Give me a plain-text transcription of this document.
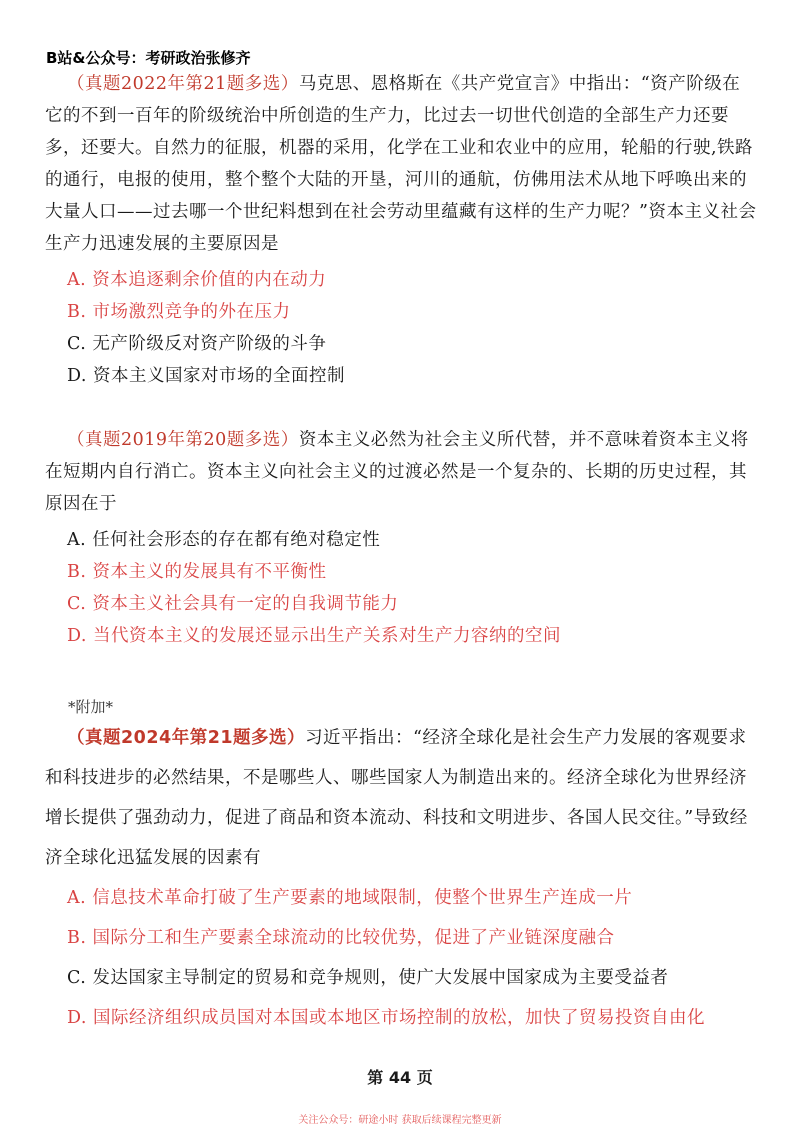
B站&公众号：考研政治张修齐

（真题2022年第21题多选）马克思、恩格斯在《共产党宣言》中指出：“资产阶级在它的不到一百年的阶级统治中所创造的生产力，比过去一切世代创造的全部生产力还要多，还要大。自然力的征服，机器的采用，化学在工业和农业中的应用，轮船的行驶,铁路的通行，电报的使用，整个整个大陆的开垦，河川的通航，仿佛用法术从地下呼唤出来的大量人口——过去哪一个世纪料想到在社会劳动里蕴藏有这样的生产力呢？”资本主义社会生产力迅速发展的主要原因是

A. 资本追逐剩余价值的内在动力

B. 市场激烈竞争的外在压力

C. 无产阶级反对资产阶级的斗争

D. 资本主义国家对市场的全面控制

（真题2019年第20题多选）资本主义必然为社会主义所代替，并不意味着资本主义将在短期内自行消亡。资本主义向社会主义的过渡必然是一个复杂的、长期的历史过程，其原因在于

A. 任何社会形态的存在都有绝对稳定性

B. 资本主义的发展具有不平衡性

C. 资本主义社会具有一定的自我调节能力

D. 当代资本主义的发展还显示出生产关系对生产力容纳的空间

*附加*

（真题2024年第21题多选）习近平指出：“经济全球化是社会生产力发展的客观要求和科技进步的必然结果，不是哪些人、哪些国家人为制造出来的。经济全球化为世界经济增长提供了强劲动力，促进了商品和资本流动、科技和文明进步、各国人民交往。”导致经济全球化迅猛发展的因素有

A. 信息技术革命打破了生产要素的地域限制，使整个世界生产连成一片

B. 国际分工和生产要素全球流动的比较优势，促进了产业链深度融合

C. 发达国家主导制定的贸易和竞争规则，使广大发展中国家成为主要受益者

D. 国际经济组织成员国对本国或本地区市场控制的放松，加快了贸易投资自由化

第 44 页
关注公众号：研途小时 获取后续课程完整更新
